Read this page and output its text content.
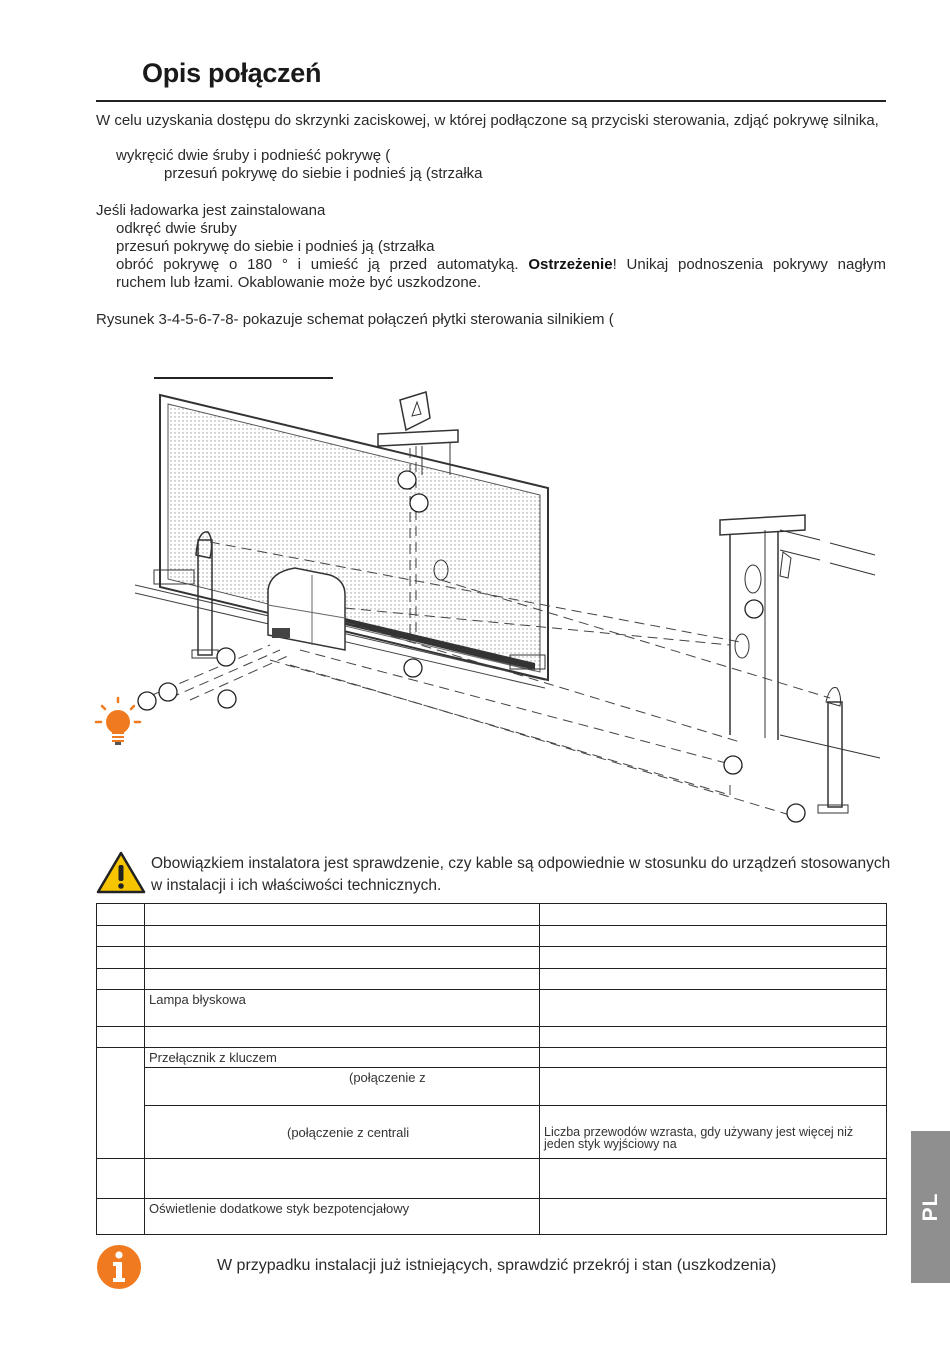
Opis połączeń
W celu uzyskania dostępu do skrzynki zaciskowej, w której podłączone są przyciski sterowania, zdjąć pokrywę silnika,
wykręcić dwie śruby i podnieść pokrywę (
przesuń pokrywę do siebie i podnieś ją (strzałka
Jeśli ładowarka jest zainstalowana
odkręć dwie śruby
przesuń pokrywę do siebie i podnieś ją (strzałka
obróć pokrywę o 180 ° i umieść ją przed automatyką. Ostrzeżenie! Unikaj podnoszenia pokrywy nagłym
ruchem lub łzami. Okablowanie może być uszkodzone.
Rysunek 3-4-5-6-7-8- pokazuje schemat połączeń płytki sterowania silnikiem (
Obowiązkiem instalatora jest sprawdzenie, czy kable są odpowiednie w stosunku do urządzeń stosowanych w instalacji i ich właściwości technicznych.

	Lampa błyskowa	

	Przełącznik z kluczem	
	(połączenie z	
	(połączenie z centrali	Liczba przewodów wzrasta, gdy używany jest więcej niż jeden styk wyjściowy na

	Oświetlenie dodatkowe styk bezpotencjałowy	
W przypadku instalacji już istniejących, sprawdzić przekrój i stan (uszkodzenia)
PL
